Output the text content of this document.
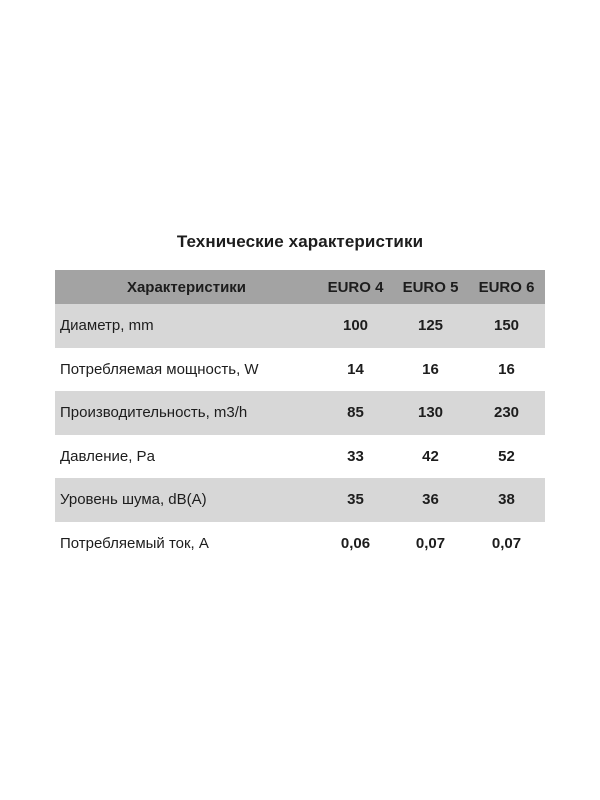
Технические характеристики
Характеристики	EURO 4	EURO 5	EURO 6
Диаметр, mm	100	125	150
Потребляемая мощность, W	14	16	16
Производительность, m3/h	85	130	230
Давление, Pa	33	42	52
Уровень шума, dB(A)	35	36	38
Потребляемый ток, A	0,06	0,07	0,07
